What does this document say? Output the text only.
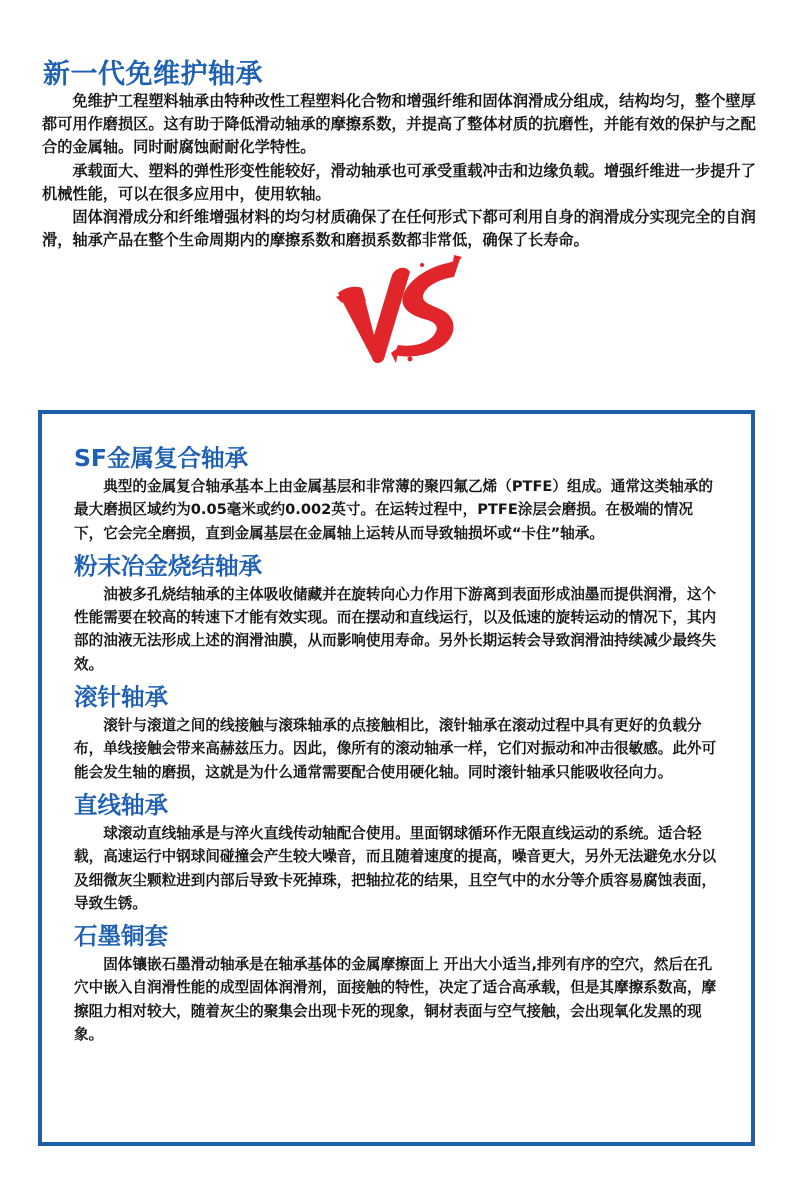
新一代免维护轴承

免维护工程塑料轴承由特种改性工程塑料化合物和增强纤维和固体润滑成分组成，结构均匀，整个壁厚都可用作磨损区。这有助于降低滑动轴承的摩擦系数，并提高了整体材质的抗磨性，并能有效的保护与之配合的金属轴。同时耐腐蚀耐耐化学特性。

承载面大、塑料的弹性形变性能较好，滑动轴承也可承受重载冲击和边缘负载。增强纤维进一步提升了机械性能，可以在很多应用中，使用软轴。

固体润滑成分和纤维增强材料的均匀材质确保了在任何形式下都可利用自身的润滑成分实现完全的自润滑，轴承产品在整个生命周期内的摩擦系数和磨损系数都非常低，确保了长寿命。

VS
SF金属复合轴承

典型的金属复合轴承基本上由金属基层和非常薄的聚四氟乙烯（PTFE）组成。通常这类轴承的最大磨损区域约为0.05毫米或约0.002英寸。在运转过程中，PTFE涂层会磨损。在极端的情况下，它会完全磨损，直到金属基层在金属轴上运转从而导致轴损坏或“卡住”轴承。

粉末冶金烧结轴承

油被多孔烧结轴承的主体吸收储藏并在旋转向心力作用下游离到表面形成油墨而提供润滑，这个性能需要在较高的转速下才能有效实现。而在摆动和直线运行，以及低速的旋转运动的情况下，其内部的油液无法形成上述的润滑油膜，从而影响使用寿命。另外长期运转会导致润滑油持续减少最终失效。

滚针轴承

滚针与滚道之间的线接触与滚珠轴承的点接触相比，滚针轴承在滚动过程中具有更好的负载分布，单线接触会带来高赫兹压力。因此，像所有的滚动轴承一样，它们对振动和冲击很敏感。此外可能会发生轴的磨损，这就是为什么通常需要配合使用硬化轴。同时滚针轴承只能吸收径向力。

直线轴承

球滚动直线轴承是与淬火直线传动轴配合使用。里面钢球循环作无限直线运动的系统。适合轻载，高速运行中钢球间碰撞会产生较大噪音，而且随着速度的提高，噪音更大，另外无法避免水分以及细微灰尘颗粒进到内部后导致卡死掉珠，把轴拉花的结果，且空气中的水分等介质容易腐蚀表面，导致生锈。

石墨铜套

固体镶嵌石墨滑动轴承是在轴承基体的金属摩擦面上 开出大小适当,排列有序的空穴，然后在孔穴中嵌入自润滑性能的成型固体润滑剂，面接触的特性，决定了适合高承载，但是其摩擦系数高，摩擦阻力相对较大，随着灰尘的聚集会出现卡死的现象，铜材表面与空气接触，会出现氧化发黑的现象。
